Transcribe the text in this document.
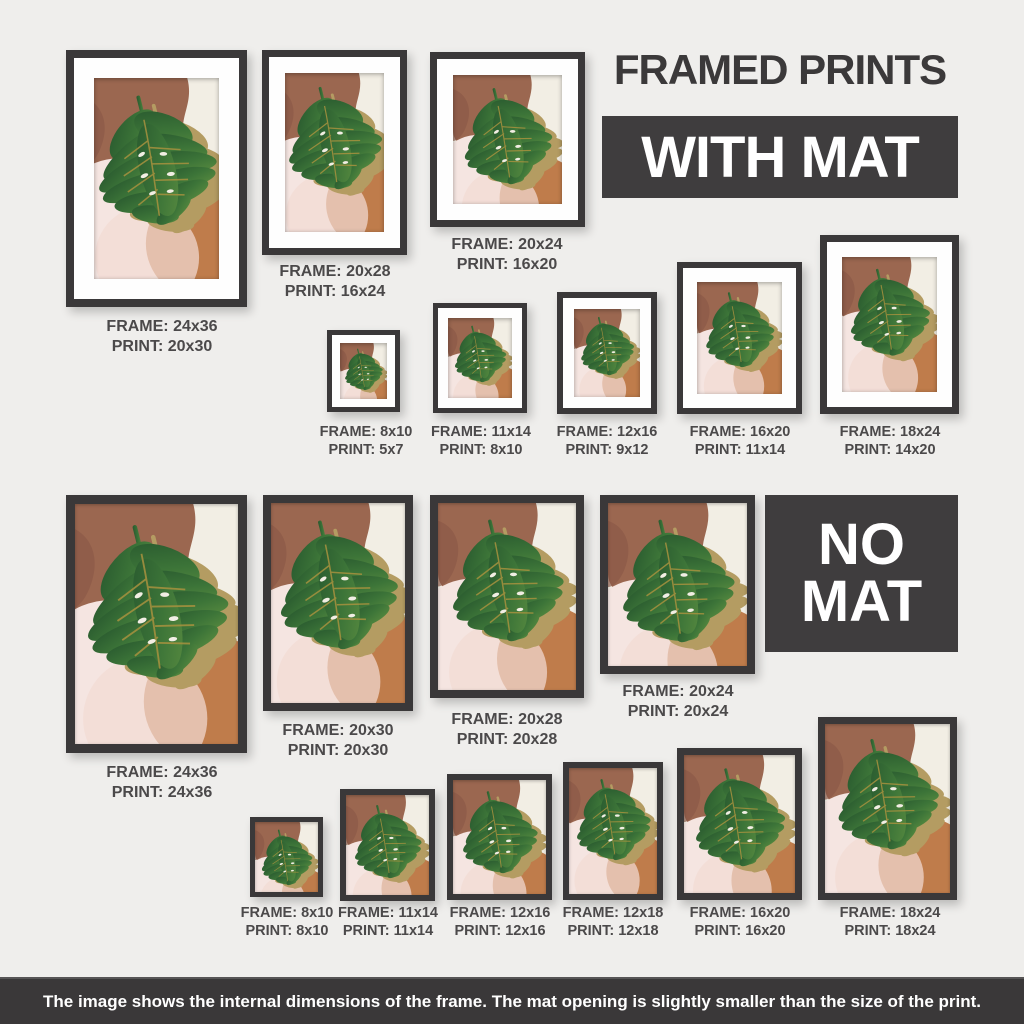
FRAMED PRINTS
WITH MAT
FRAME: 24x36
PRINT: 20x30
FRAME: 20x28
PRINT: 16x24
FRAME: 20x24
PRINT: 16x20
FRAME: 8x10
PRINT: 5x7
FRAME: 11x14
PRINT: 8x10
FRAME: 12x16
PRINT: 9x12
FRAME: 16x20
PRINT: 11x14
FRAME: 18x24
PRINT: 14x20
NO
MAT
FRAME: 24x36
PRINT: 24x36
FRAME: 20x30
PRINT: 20x30
FRAME: 20x28
PRINT: 20x28
FRAME: 20x24
PRINT: 20x24
FRAME: 8x10
PRINT: 8x10
FRAME: 11x14
PRINT: 11x14
FRAME: 12x16
PRINT: 12x16
FRAME: 12x18
PRINT: 12x18
FRAME: 16x20
PRINT: 16x20
FRAME: 18x24
PRINT: 18x24
The image shows the internal dimensions of the frame. The mat opening is slightly smaller than the size of the print.
